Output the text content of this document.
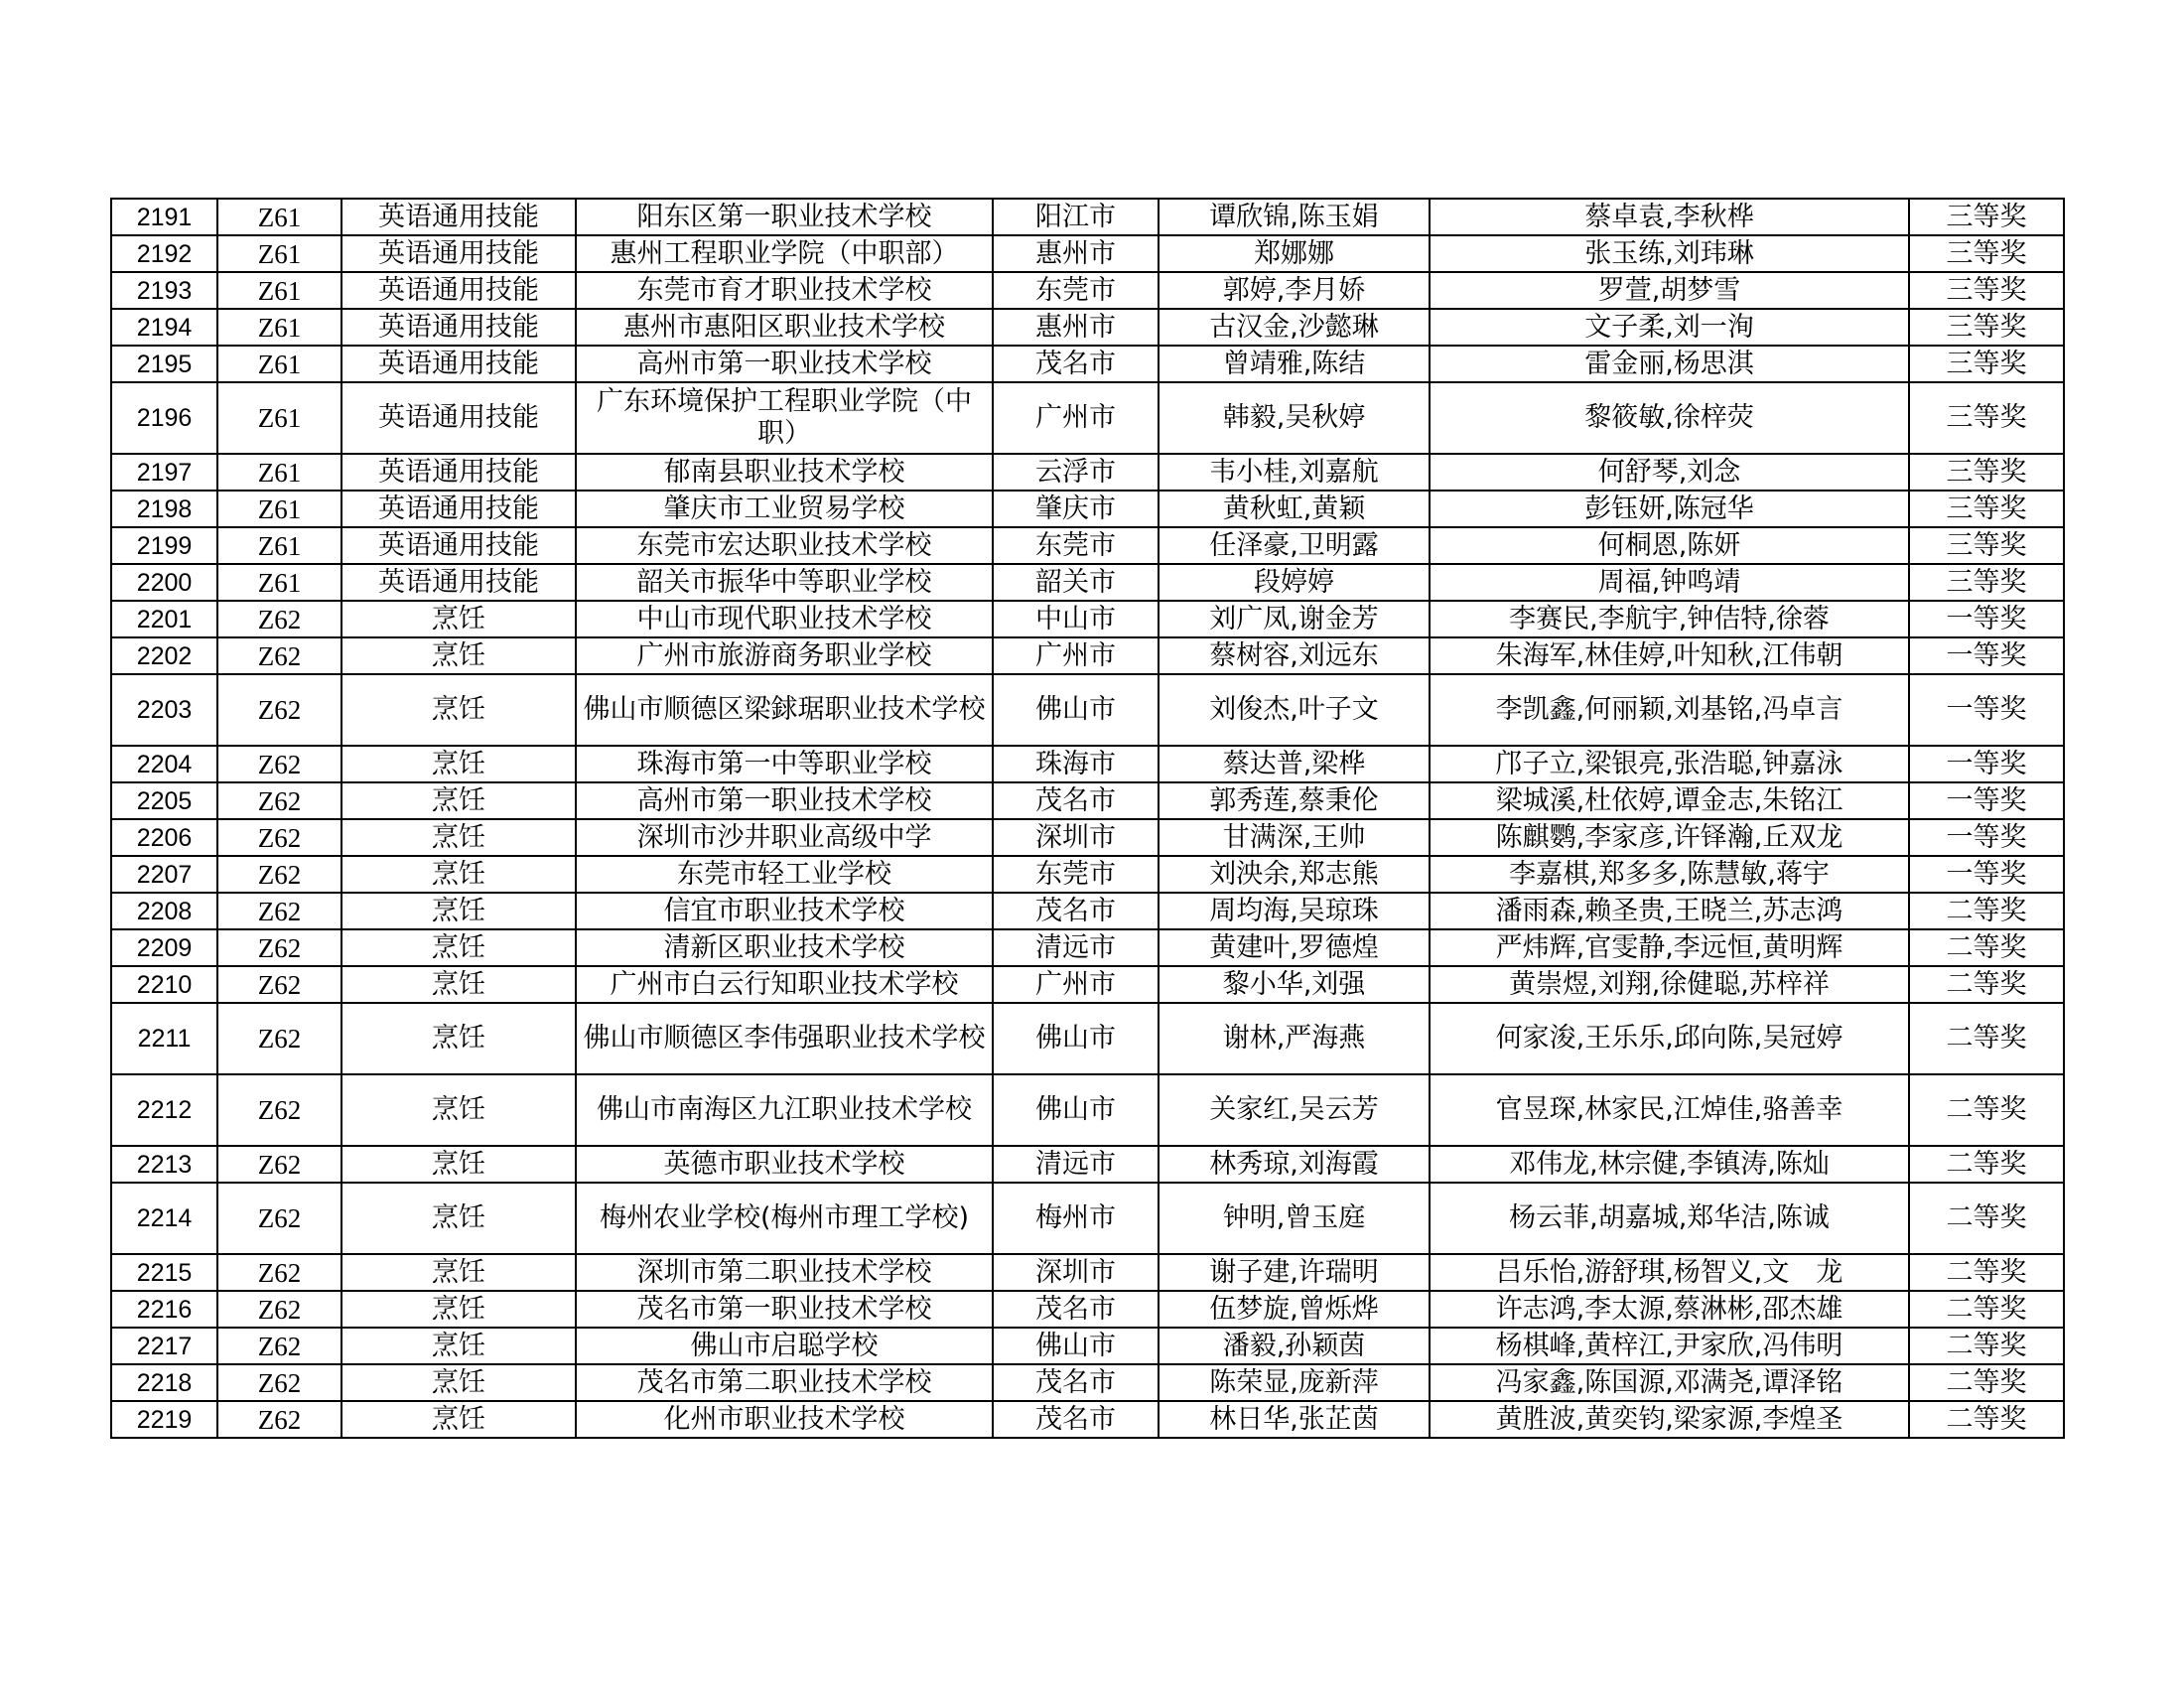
2191	Z61	英语通用技能	阳东区第一职业技术学校	阳江市	谭欣锦,陈玉娟	蔡卓袁,李秋桦	三等奖
2192	Z61	英语通用技能	惠州工程职业学院（中职部）	惠州市	郑娜娜	张玉练,刘玮琳	三等奖
2193	Z61	英语通用技能	东莞市育才职业技术学校	东莞市	郭婷,李月娇	罗萱,胡梦雪	三等奖
2194	Z61	英语通用技能	惠州市惠阳区职业技术学校	惠州市	古汉金,沙懿琳	文子柔,刘一洵	三等奖
2195	Z61	英语通用技能	高州市第一职业技术学校	茂名市	曾靖雅,陈结	雷金丽,杨思淇	三等奖
2196	Z61	英语通用技能	广东环境保护工程职业学院（中职）	广州市	韩毅,吴秋婷	黎筱敏,徐梓荧	三等奖
2197	Z61	英语通用技能	郁南县职业技术学校	云浮市	韦小桂,刘嘉航	何舒琴,刘念	三等奖
2198	Z61	英语通用技能	肇庆市工业贸易学校	肇庆市	黄秋虹,黄颖	彭钰妍,陈冠华	三等奖
2199	Z61	英语通用技能	东莞市宏达职业技术学校	东莞市	任泽豪,卫明露	何桐恩,陈妍	三等奖
2200	Z61	英语通用技能	韶关市振华中等职业学校	韶关市	段婷婷	周福,钟鸣靖	三等奖
2201	Z62	烹饪	中山市现代职业技术学校	中山市	刘广凤,谢金芳	李赛民,李航宇,钟佶特,徐蓉	一等奖
2202	Z62	烹饪	广州市旅游商务职业学校	广州市	蔡树容,刘远东	朱海军,林佳婷,叶知秋,江伟朝	一等奖
2203	Z62	烹饪	佛山市顺德区梁銶琚职业技术学校	佛山市	刘俊杰,叶子文	李凯鑫,何丽颖,刘基铭,冯卓言	一等奖
2204	Z62	烹饪	珠海市第一中等职业学校	珠海市	蔡达普,梁桦	邝子立,梁银亮,张浩聪,钟嘉泳	一等奖
2205	Z62	烹饪	高州市第一职业技术学校	茂名市	郭秀莲,蔡秉伦	梁城溪,杜依婷,谭金志,朱铭江	一等奖
2206	Z62	烹饪	深圳市沙井职业高级中学	深圳市	甘满深,王帅	陈麒鹦,李家彦,许铎瀚,丘双龙	一等奖
2207	Z62	烹饪	东莞市轻工业学校	东莞市	刘泱余,郑志熊	李嘉棋,郑多多,陈慧敏,蒋宇	一等奖
2208	Z62	烹饪	信宜市职业技术学校	茂名市	周均海,吴琼珠	潘雨森,赖圣贵,王晓兰,苏志鸿	二等奖
2209	Z62	烹饪	清新区职业技术学校	清远市	黄建叶,罗德煌	严炜辉,官雯静,李远恒,黄明辉	二等奖
2210	Z62	烹饪	广州市白云行知职业技术学校	广州市	黎小华,刘强	黄崇煜,刘翔,徐健聪,苏梓祥	二等奖
2211	Z62	烹饪	佛山市顺德区李伟强职业技术学校	佛山市	谢林,严海燕	何家浚,王乐乐,邱向陈,吴冠婷	二等奖
2212	Z62	烹饪	佛山市南海区九江职业技术学校	佛山市	关家红,吴云芳	官昱琛,林家民,江焯佳,骆善幸	二等奖
2213	Z62	烹饪	英德市职业技术学校	清远市	林秀琼,刘海霞	邓伟龙,林宗健,李镇涛,陈灿	二等奖
2214	Z62	烹饪	梅州农业学校(梅州市理工学校)	梅州市	钟明,曾玉庭	杨云菲,胡嘉城,郑华洁,陈诚	二等奖
2215	Z62	烹饪	深圳市第二职业技术学校	深圳市	谢子建,许瑞明	吕乐怡,游舒琪,杨智义,文　龙	二等奖
2216	Z62	烹饪	茂名市第一职业技术学校	茂名市	伍梦旋,曾烁烨	许志鸿,李太源,蔡淋彬,邵杰雄	二等奖
2217	Z62	烹饪	佛山市启聪学校	佛山市	潘毅,孙颖茵	杨棋峰,黄梓江,尹家欣,冯伟明	二等奖
2218	Z62	烹饪	茂名市第二职业技术学校	茂名市	陈荣显,庞新萍	冯家鑫,陈国源,邓满尧,谭泽铭	二等奖
2219	Z62	烹饪	化州市职业技术学校	茂名市	林日华,张芷茵	黄胜波,黄奕钧,梁家源,李煌圣	二等奖
